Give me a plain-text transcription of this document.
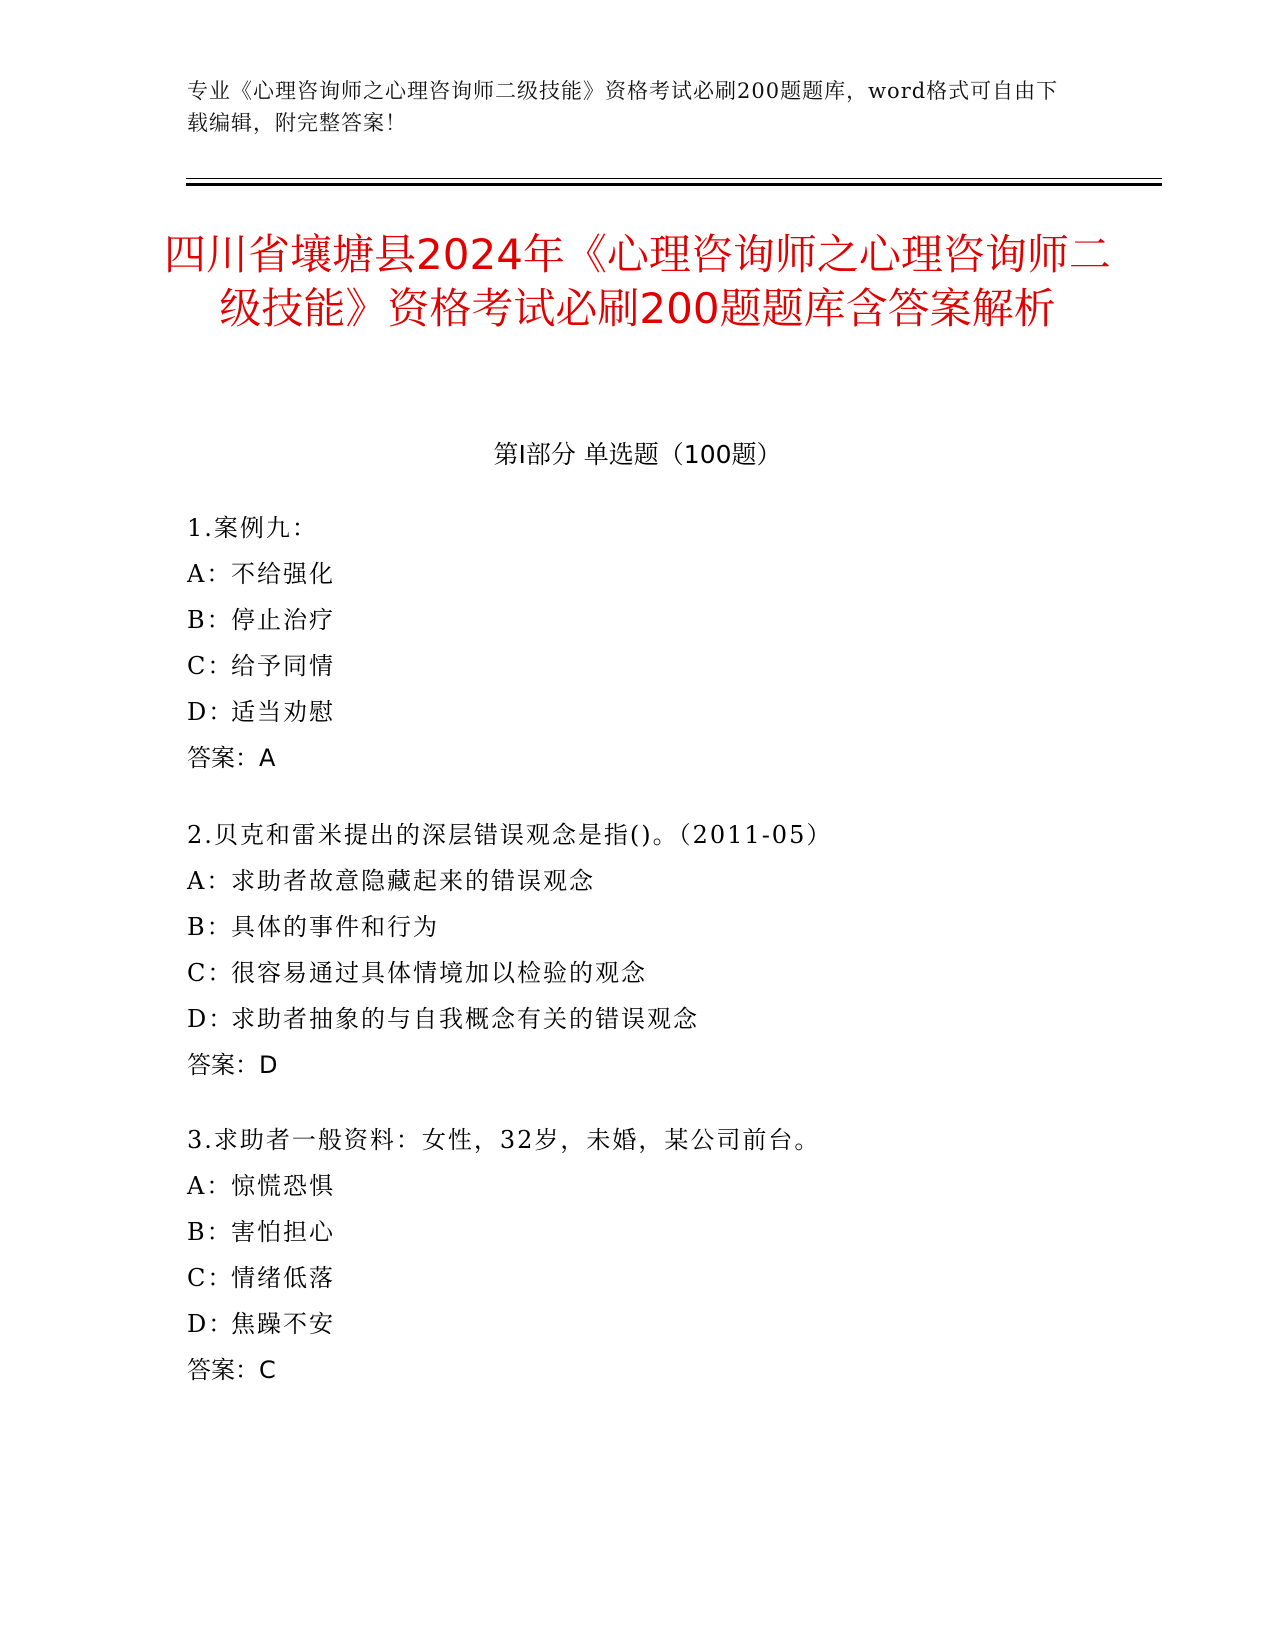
专业《心理咨询师之心理咨询师二级技能》资格考试必刷200题题库，word格式可自由下载编辑，附完整答案！
四川省壤塘县2024年《心理咨询师之心理咨询师二级技能》资格考试必刷200题题库含答案解析
第Ⅰ部分 单选题（100题）
1.案例九：
A：
不给强化
B：
停止治疗
C：
给予同情
D：
适当劝慰
答案：A
2.贝克和雷米提出的深层错误观念是指()。（2011-05）
A：
求助者故意隐藏起来的错误观念
B：
具体的事件和行为
C：
很容易通过具体情境加以检验的观念
D：
求助者抽象的与自我概念有关的错误观念
答案：D
3.求助者一般资料：女性，32岁，未婚，某公司前台。
A：
惊慌恐惧
B：
害怕担心
C：
情绪低落
D：
焦躁不安
答案：C
